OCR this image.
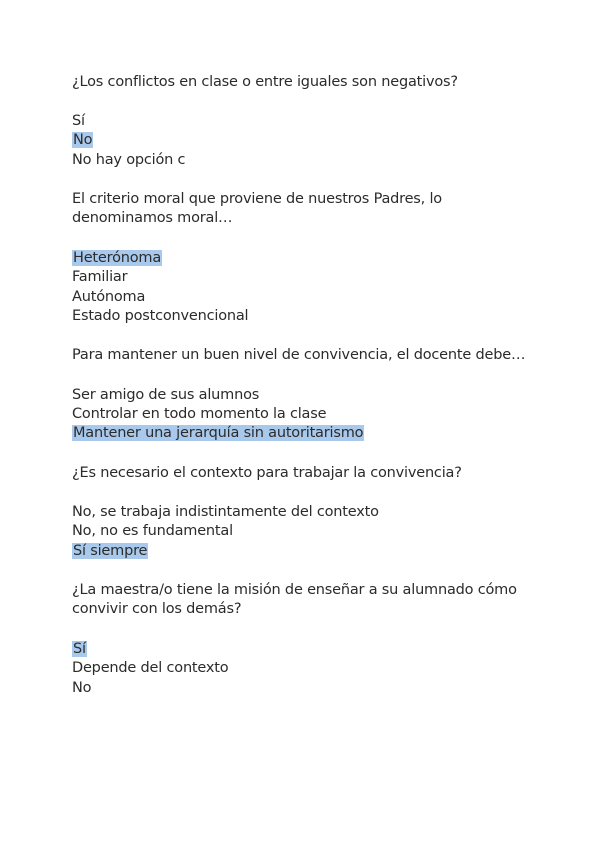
¿Los conflictos en clase o entre iguales son negativos?
Sí
No
No hay opción c
El criterio moral que proviene de nuestros Padres, lo denominamos moral…
Heterónoma
Familiar
Autónoma
Estado postconvencional
Para mantener un buen nivel de convivencia, el docente debe…
Ser amigo de sus alumnos
Controlar en todo momento la clase
Mantener una jerarquía sin autoritarismo
¿Es necesario el contexto para trabajar la convivencia?
No, se trabaja indistintamente del contexto
No, no es fundamental
Sí siempre
¿La maestra/o tiene la misión de enseñar a su alumnado cómo convivir con los demás?
Sí
Depende del contexto
No
